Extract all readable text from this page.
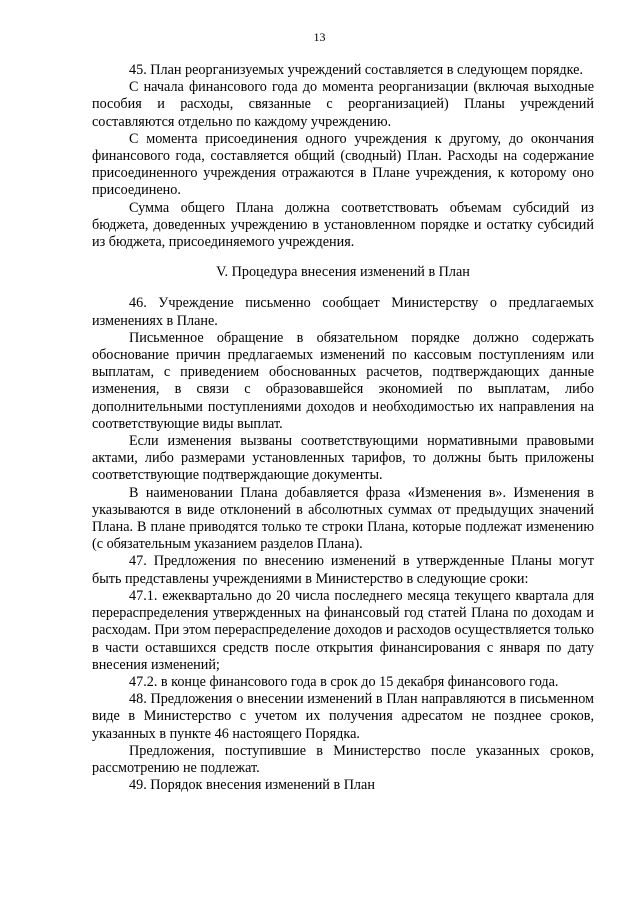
13

45. План реорганизуемых учреждений составляется в следующем порядке.

С начала финансового года до момента реорганизации (включая выходные пособия и расходы, связанные с реорганизацией) Планы учреждений составляются отдельно по каждому учреждению.

С момента присоединения одного учреждения к другому, до окончания финансового года, составляется общий (сводный) План. Расходы на содержание присоединенного учреждения отражаются в Плане учреждения, к которому оно присоединено.

Сумма общего Плана должна соответствовать объемам субсидий из бюджета, доведенных учреждению в установленном порядке и остатку субсидий из бюджета, присоединяемого учреждения.

V. Процедура внесения изменений в План

46. Учреждение письменно сообщает Министерству о предлагаемых изменениях в Плане.

Письменное обращение в обязательном порядке должно содержать обоснование причин предлагаемых изменений по кассовым поступлениям или выплатам, с приведением обоснованных расчетов, подтверждающих данные изменения, в связи с образовавшейся экономией по выплатам, либо дополнительными поступлениями доходов и необходимостью их направления на соответствующие виды выплат.

Если изменения вызваны соответствующими нормативными правовыми актами, либо размерами установленных тарифов, то должны быть приложены соответствующие подтверждающие документы.

В наименовании Плана добавляется фраза «Изменения в». Изменения в указываются в виде отклонений в абсолютных суммах от предыдущих значений Плана. В плане приводятся только те строки Плана, которые подлежат изменению (с обязательным указанием разделов Плана).

47. Предложения по внесению изменений в утвержденные Планы могут быть представлены учреждениями в Министерство в следующие сроки:

47.1. ежеквартально до 20 числа последнего месяца текущего квартала для перераспределения утвержденных на финансовый год статей Плана по доходам и расходам. При этом перераспределение доходов и расходов осуществляется только в части оставшихся средств после открытия финансирования с января по дату внесения изменений;

47.2. в конце финансового года в срок до 15 декабря финансового года.

48. Предложения о внесении изменений в План направляются в письменном виде в Министерство с учетом их получения адресатом не позднее сроков, указанных в пункте 46 настоящего Порядка.

Предложения, поступившие в Министерство после указанных сроков, рассмотрению не подлежат.

49. Порядок внесения изменений в План
